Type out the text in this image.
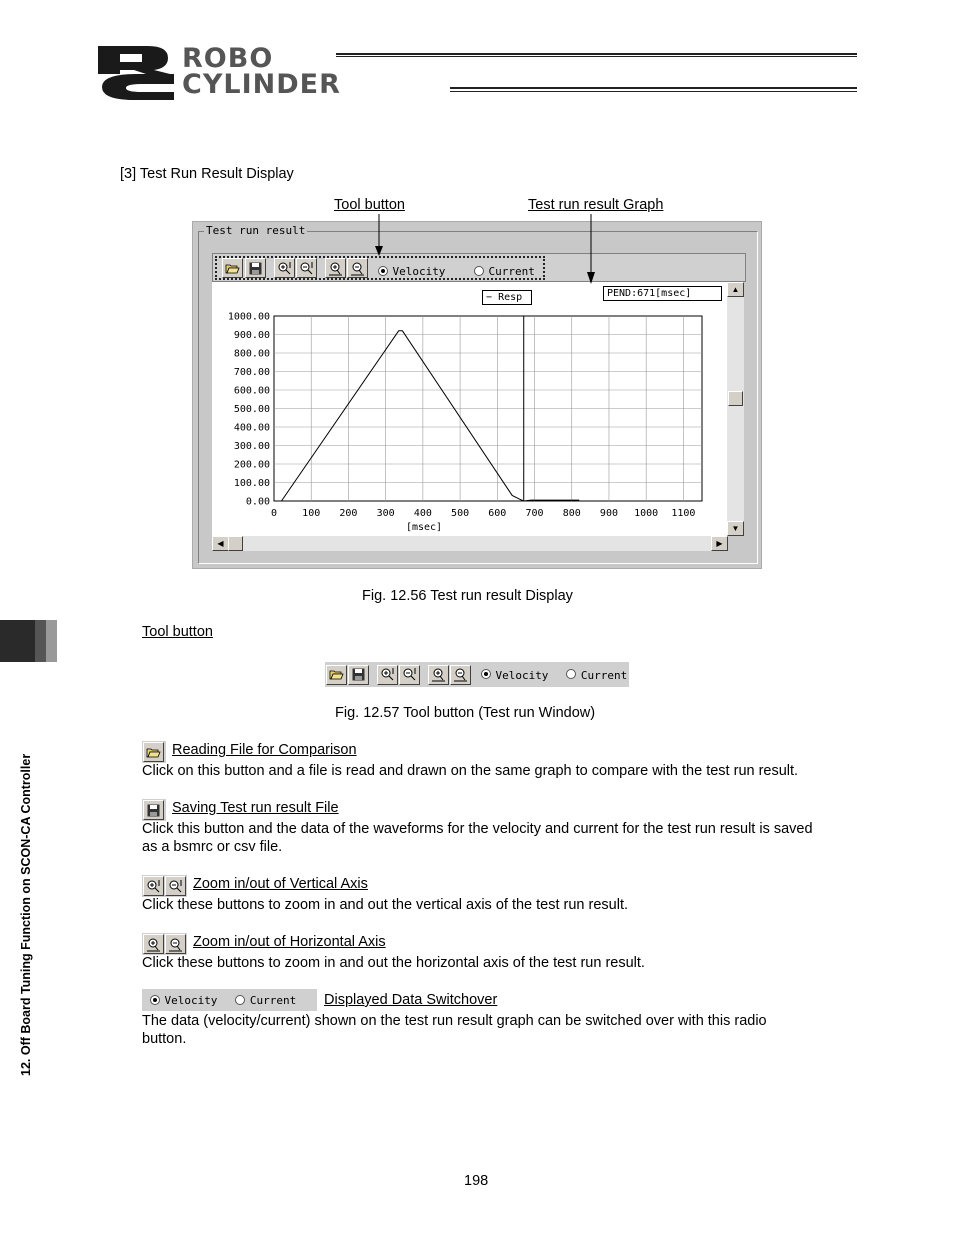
ROBO
CYLINDER
[3] Test Run Result Display
Tool button	Test run result Graph
Test run result
Velocity	Current
0	100 200 300 400 500 600 700 800 900 1000 1100
1000.00
900.00
800.00
700.00
600.00
500.00
400.00
300.00
200.00
100.00
0.00
[msec]
− Resp	PEND:671[msec]	▲
▼
◀	▶
Fig. 12.56 Test run result Display
12. Off Board Tuning Function on SCON-CA Controller
Tool button
Velocity	Current
Fig. 12.57 Tool button (Test run Window)
Reading File for Comparison
Click on this button and a file is read and drawn on the same graph to compare with the test run result.
Saving Test run result File
Click this button and the data of the waveforms for the velocity and current for the test run result is saved
as a bsmrc or csv file.
Zoom in/out of Vertical Axis
Click these buttons to zoom in and out the vertical axis of the test run result.
Zoom in/out of Horizontal Axis
Click these buttons to zoom in and out the horizontal axis of the test run result.
Velocity	Current Displayed Data Switchover
The data (velocity/current) shown on the test run result graph can be switched over with this radio
button.
198
